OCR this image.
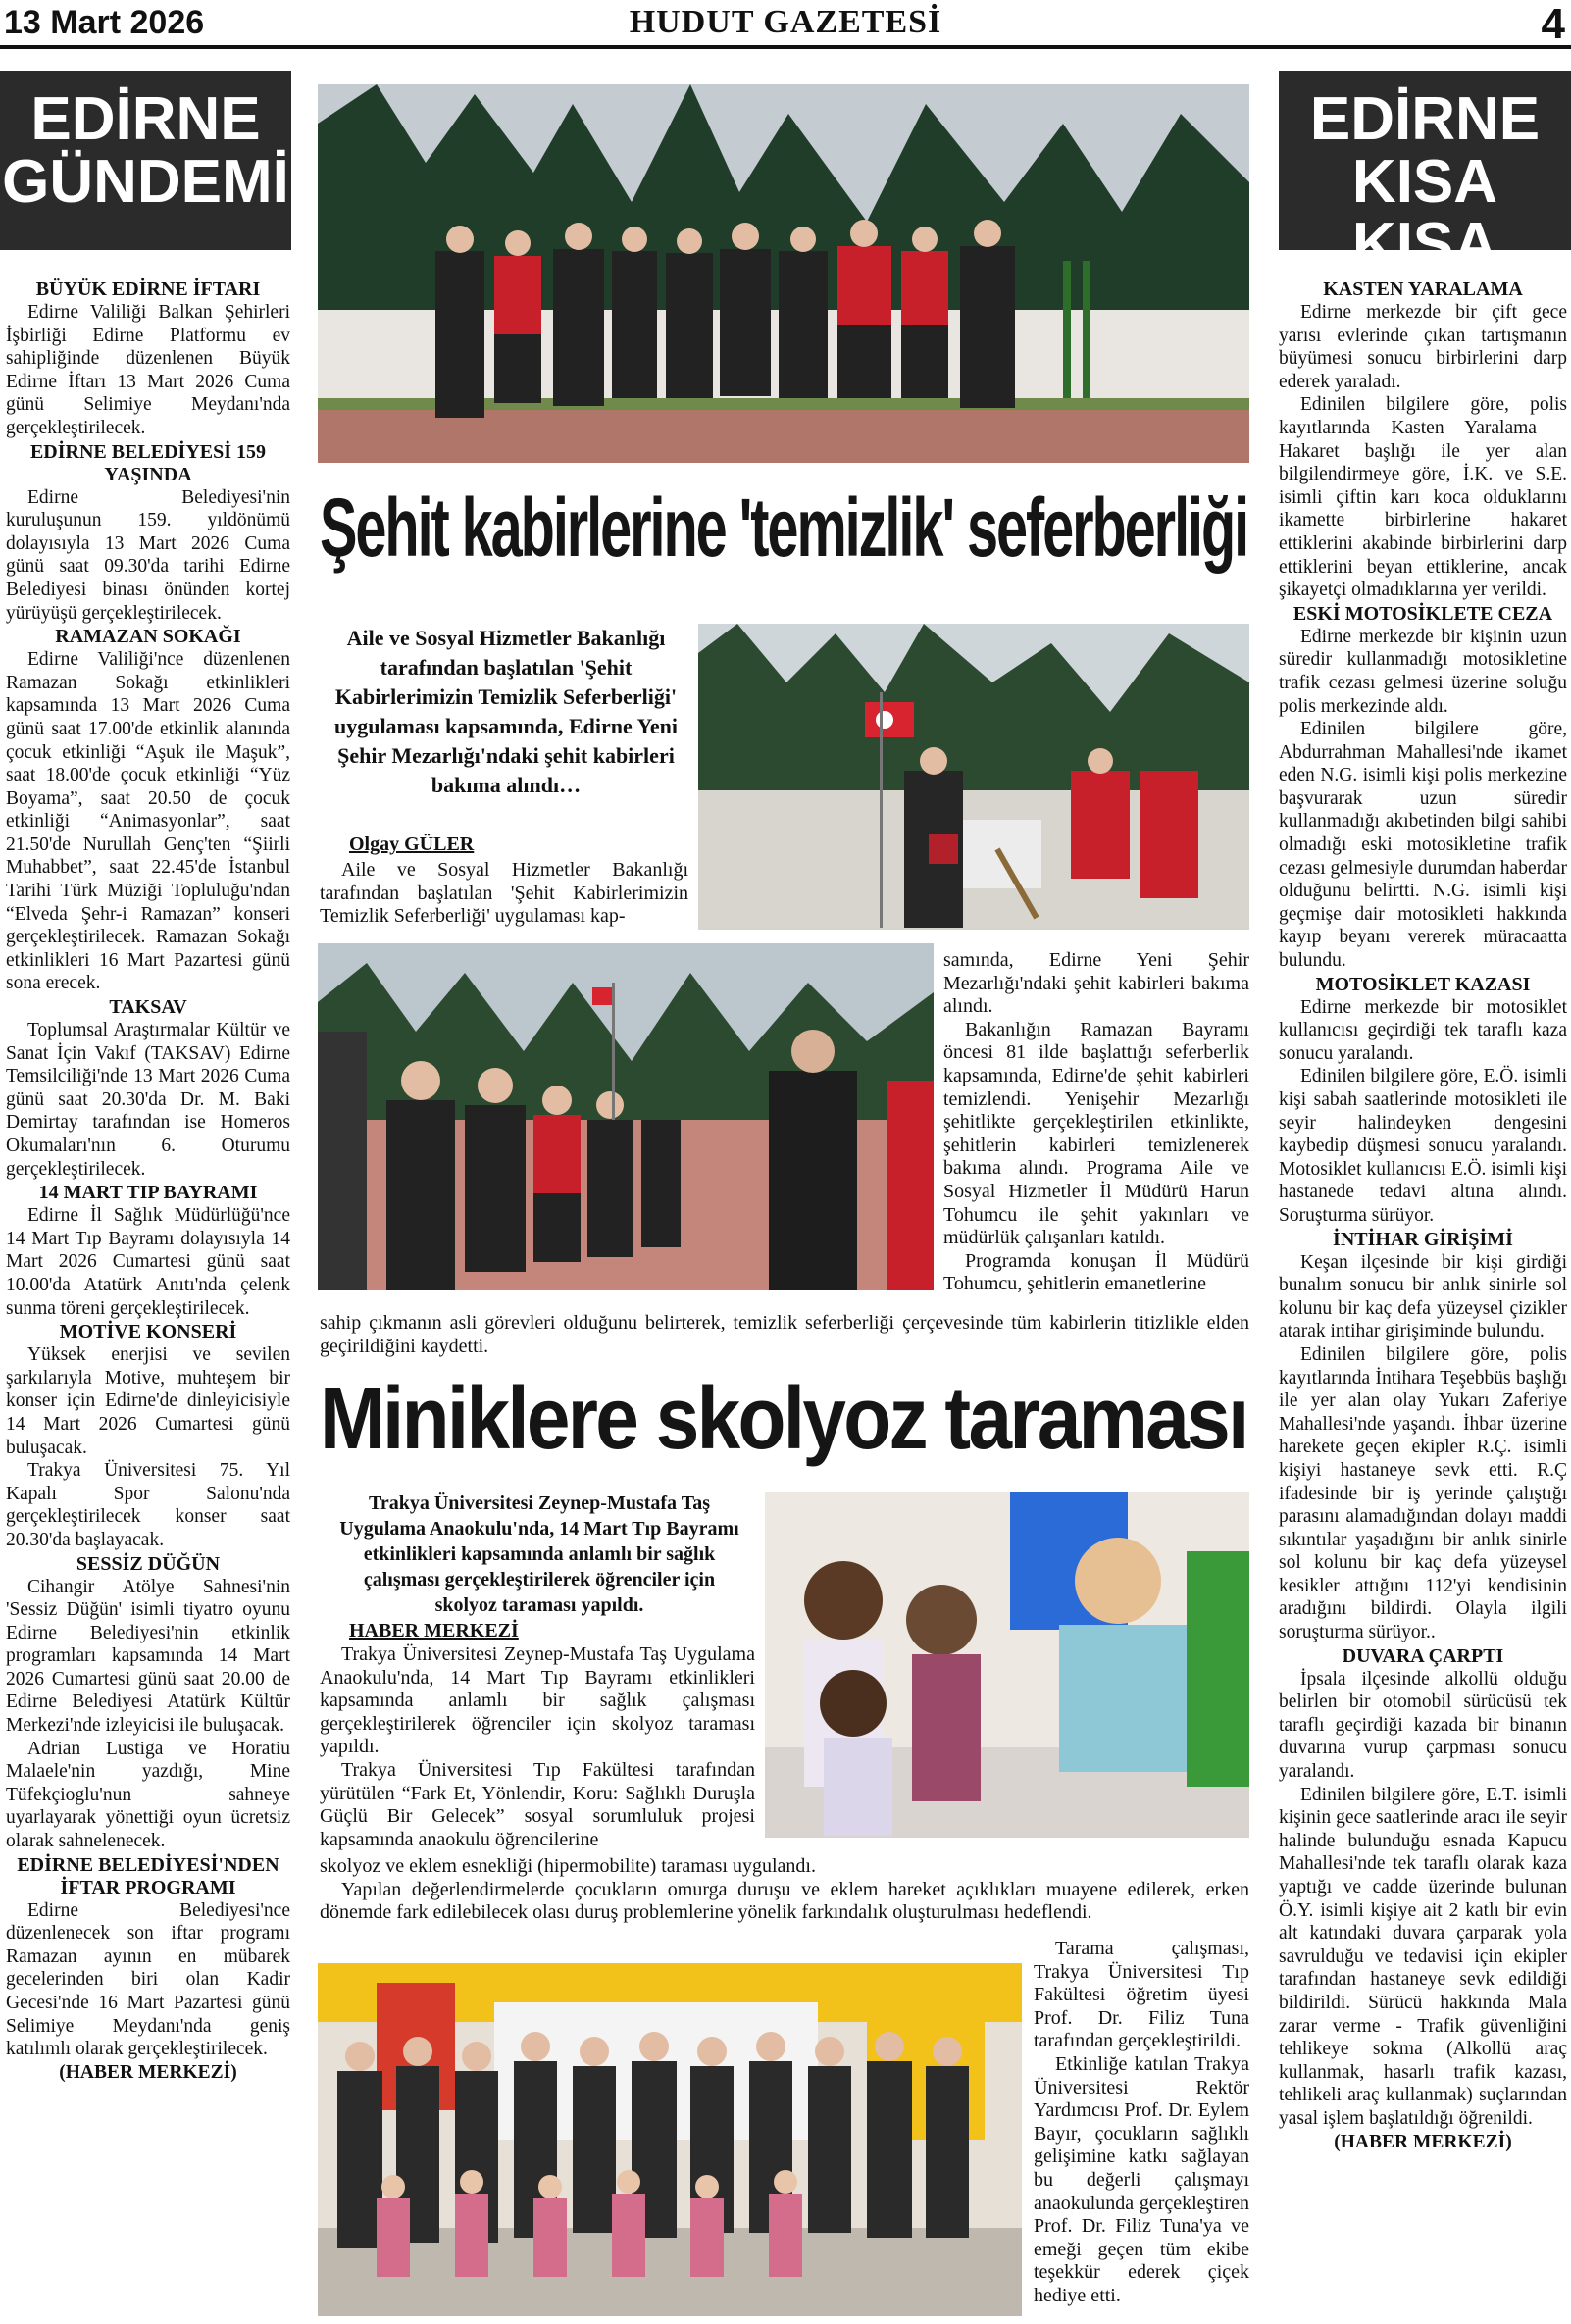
13 Mart 2026	HUDUT GAZETESİ	4
EDİRNE
GÜNDEMİ
EDİRNE
KISA KISA
BÜYÜK EDİRNE İFTARI

Edirne Valiliği Balkan Şehirleri İşbirliği Edirne Platformu ev sahipliğinde düzenlenen Büyük Edirne İftarı 13 Mart 2026 Cuma günü Selimiye Meydanı'nda gerçekleştirilecek.

EDİRNE BELEDİYESİ 159 YAŞINDA

Edirne Belediyesi'nin kuruluşunun 159. yıldönümü dolayısıyla 13 Mart 2026 Cuma günü saat 09.30'da tarihi Edirne Belediyesi binası önünden kortej yürüyüşü gerçekleştirilecek.

RAMAZAN SOKAĞI

Edirne Valiliği'nce düzenlenen Ramazan Sokağı etkinlikleri kapsamında 13 Mart 2026 Cuma günü saat 17.00'de etkinlik alanında çocuk etkinliği “Aşuk ile Maşuk”, saat 18.00'de çocuk etkinliği “Yüz Boyama”, saat 20.50 de çocuk etkinliği “Animasyonlar”, saat 21.50'de Nurullah Genç'ten “Şiirli Muhabbet”, saat 22.45'de İstanbul Tarihi Türk Müziği Topluluğu'ndan “Elveda Şehr-i Ramazan” konseri gerçekleştirilecek. Ramazan Sokağı etkinlikleri 16 Mart Pazartesi günü sona erecek.

TAKSAV

Toplumsal Araştırmalar Kültür ve Sanat İçin Vakıf (TAKSAV) Edirne Temsilciliği'nde 13 Mart 2026 Cuma günü saat 20.30'da Dr. M. Baki Demirtay tarafından ise Homeros Okumaları'nın 6. Oturumu gerçekleştirilecek.

14 MART TIP BAYRAMI

Edirne İl Sağlık Müdürlüğü'nce 14 Mart Tıp Bayramı dolayısıyla 14 Mart 2026 Cumartesi günü saat 10.00'da Atatürk Anıtı'nda çelenk sunma töreni gerçekleştirilecek.

MOTİVE KONSERİ

Yüksek enerjisi ve sevilen şarkılarıyla Motive, muhteşem bir konser için Edirne'de dinleyicisiyle 14 Mart 2026 Cumartesi günü buluşacak.

Trakya Üniversitesi 75. Yıl Kapalı Spor Salonu'nda gerçekleştirilecek konser saat 20.30'da başlayacak.

SESSİZ DÜĞÜN

Cihangir Atölye Sahnesi'nin 'Sessiz Düğün' isimli tiyatro oyunu Edirne Belediyesi'nin etkinlik programları kapsamında 14 Mart 2026 Cumartesi günü saat 20.00 de Edirne Belediyesi Atatürk Kültür Merkezi'nde izleyicisi ile buluşacak.

Adrian Lustiga ve Horatiu Malaele'nin yazdığı, Mine Tüfekçioglu'nun sahneye uyarlayarak yönettiği oyun ücretsiz olarak sahnelenecek.

EDİRNE BELEDİYESİ'NDEN İFTAR PROGRAMI

Edirne Belediyesi'nce düzenlenecek son iftar programı Ramazan ayının en mübarek gecelerinden biri olan Kadir Gecesi'nde 16 Mart Pazartesi günü Selimiye Meydanı'nda geniş katılımlı olarak gerçekleştirilecek.

(HABER MERKEZİ)

KASTEN YARALAMA

Edirne merkezde bir çift gece yarısı evlerinde çıkan tartışmanın büyümesi sonucu birbirlerini darp ederek yaraladı.

Edinilen bilgilere göre, polis kayıtlarında Kasten Yaralama – Hakaret başlığı ile yer alan bilgilendirmeye göre, İ.K. ve S.E. isimli çiftin karı koca olduklarını ikamette birbirlerine hakaret ettiklerini akabinde birbirlerini darp ettiklerini beyan ettiklerine, ancak şikayetçi olmadıklarına yer verildi.

ESKİ MOTOSİKLETE CEZA

Edirne merkezde bir kişinin uzun süredir kullanmadığı motosikletine trafik cezası gelmesi üzerine soluğu polis merkezinde aldı.

Edinilen bilgilere göre, Abdurrahman Mahallesi'nde ikamet eden N.G. isimli kişi polis merkezine başvurarak uzun süredir kullanmadığı akıbetinden bilgi sahibi olmadığı eski motosikletine trafik cezası gelmesiyle durumdan haberdar olduğunu belirtti. N.G. isimli kişi geçmişe dair motosikleti hakkında kayıp beyanı vererek müracaatta bulundu.

MOTOSİKLET KAZASI

Edirne merkezde bir motosiklet kullanıcısı geçirdiği tek taraflı kaza sonucu yaralandı.

Edinilen bilgilere göre, E.Ö. isimli kişi sabah saatlerinde motosikleti ile seyir halindeyken dengesini kaybedip düşmesi sonucu yaralandı. Motosiklet kullanıcısı E.Ö. isimli kişi hastanede tedavi altına alındı. Soruşturma sürüyor.

İNTİHAR GİRİŞİMİ

Keşan ilçesinde bir kişi girdiği bunalım sonucu bir anlık sinirle sol kolunu bir kaç defa yüzeysel çizikler atarak intihar girişiminde bulundu.

Edinilen bilgilere göre, polis kayıtlarında İntihara Teşebbüs başlığı ile yer alan olay Yukarı Zaferiye Mahallesi'nde yaşandı. İhbar üzerine harekete geçen ekipler R.Ç. isimli kişiyi hastaneye sevk etti. R.Ç ifadesinde bir iş yerinde çalıştığı parasını alamadığından dolayı maddi sıkıntılar yaşadığını bir anlık sinirle sol kolunu bir kaç defa yüzeysel kesikler attığını 112'yi kendisinin aradığını bildirdi. Olayla ilgili soruşturma sürüyor..

DUVARA ÇARPTI

İpsala ilçesinde alkollü olduğu belirlen bir otomobil sürücüsü tek taraflı geçirdiği kazada bir binanın duvarına vurup çarpması sonucu yaralandı.

Edinilen bilgilere göre, E.T. isimli kişinin gece saatlerinde aracı ile seyir halinde bulunduğu esnada Kapucu Mahallesi'nde tek taraflı olarak kaza yaptığı ve cadde üzerinde bulunan Ö.Y. isimli kişiye ait 2 katlı bir evin alt katındaki duvara çarparak yola savrulduğu ve tedavisi için ekipler tarafından hastaneye sevk edildiği bildirildi. Sürücü hakkında Mala zarar verme - Trafik güvenliğini tehlikeye sokma (Alkollü araç kullanmak, hasarlı trafik kazası, tehlikeli araç kullanmak) suçlarından yasal işlem başlatıldığı öğrenildi.

(HABER MERKEZİ)

Şehit kabirlerine 'temizlik' seferberliği
Aile ve Sosyal Hizmetler Bakanlığı tarafından başlatılan 'Şehit Kabirlerimizin Temizlik Seferberliği' uygulaması kapsamında, Edirne Yeni Şehir Mezarlığı'ndaki şehit kabirleri bakıma alındı…
Olgay GÜLER

Aile ve Sosyal Hizmetler Bakanlığı tarafından başlatılan 'Şehit Kabirlerimizin Temizlik Seferberliği' uygulaması kap-

samında, Edirne Yeni Şehir Mezarlığı'ndaki şehit kabirleri bakıma alındı.

Bakanlığın Ramazan Bayramı öncesi 81 ilde başlattığı seferberlik kapsamında, Edirne'de şehit kabirleri temizlendi. Yenişehir Mezarlığı şehitlikte gerçekleştirilen etkinlikte, şehitlerin kabirleri temizlenerek bakıma alındı. Programa Aile ve Sosyal Hizmetler İl Müdürü Harun Tohumcu ile şehit yakınları ve müdürlük çalışanları katıldı.

Programda konuşan İl Müdürü Tohumcu, şehitlerin emanetlerine

sahip çıkmanın asli görevleri olduğunu belirterek, temizlik seferberliği çerçevesinde tüm kabirlerin titizlikle elden geçirildiğini kaydetti.

Miniklere skolyoz taraması
Trakya Üniversitesi Zeynep-Mustafa Taş Uygulama Anaokulu'nda, 14 Mart Tıp Bayramı etkinlikleri kapsamında anlamlı bir sağlık çalışması gerçekleştirilerek öğrenciler için skolyoz taraması yapıldı.
HABER MERKEZİ

Trakya Üniversitesi Zeynep-Mustafa Taş Uygulama Anaokulu'nda, 14 Mart Tıp Bayramı etkinlikleri kapsamında anlamlı bir sağlık çalışması gerçekleştirilerek öğrenciler için skolyoz taraması yapıldı.

Trakya Üniversitesi Tıp Fakültesi tarafından yürütülen “Fark Et, Yönlendir, Koru: Sağlıklı Duruşla Güçlü Bir Gelecek” sosyal sorumluluk projesi kapsamında anaokulu öğrencilerine

skolyoz ve eklem esnekliği (hipermobilite) taraması uygulandı.

Yapılan değerlendirmelerde çocukların omurga duruşu ve eklem hareket açıklıkları muayene edilerek, erken dönemde fark edilebilecek olası duruş problemlerine yönelik farkındalık oluşturulması hedeflendi.

Tarama çalışması, Trakya Üniversitesi Tıp Fakültesi öğretim üyesi Prof. Dr. Filiz Tuna tarafından gerçekleştirildi.

Etkinliğe katılan Trakya Üniversitesi Rektör Yardımcısı Prof. Dr. Eylem Bayır, çocukların sağlıklı gelişimine katkı sağlayan bu değerli çalışmayı anaokulunda gerçekleştiren Prof. Dr. Filiz Tuna'ya ve emeği geçen tüm ekibe teşekkür ederek çiçek hediye etti.
